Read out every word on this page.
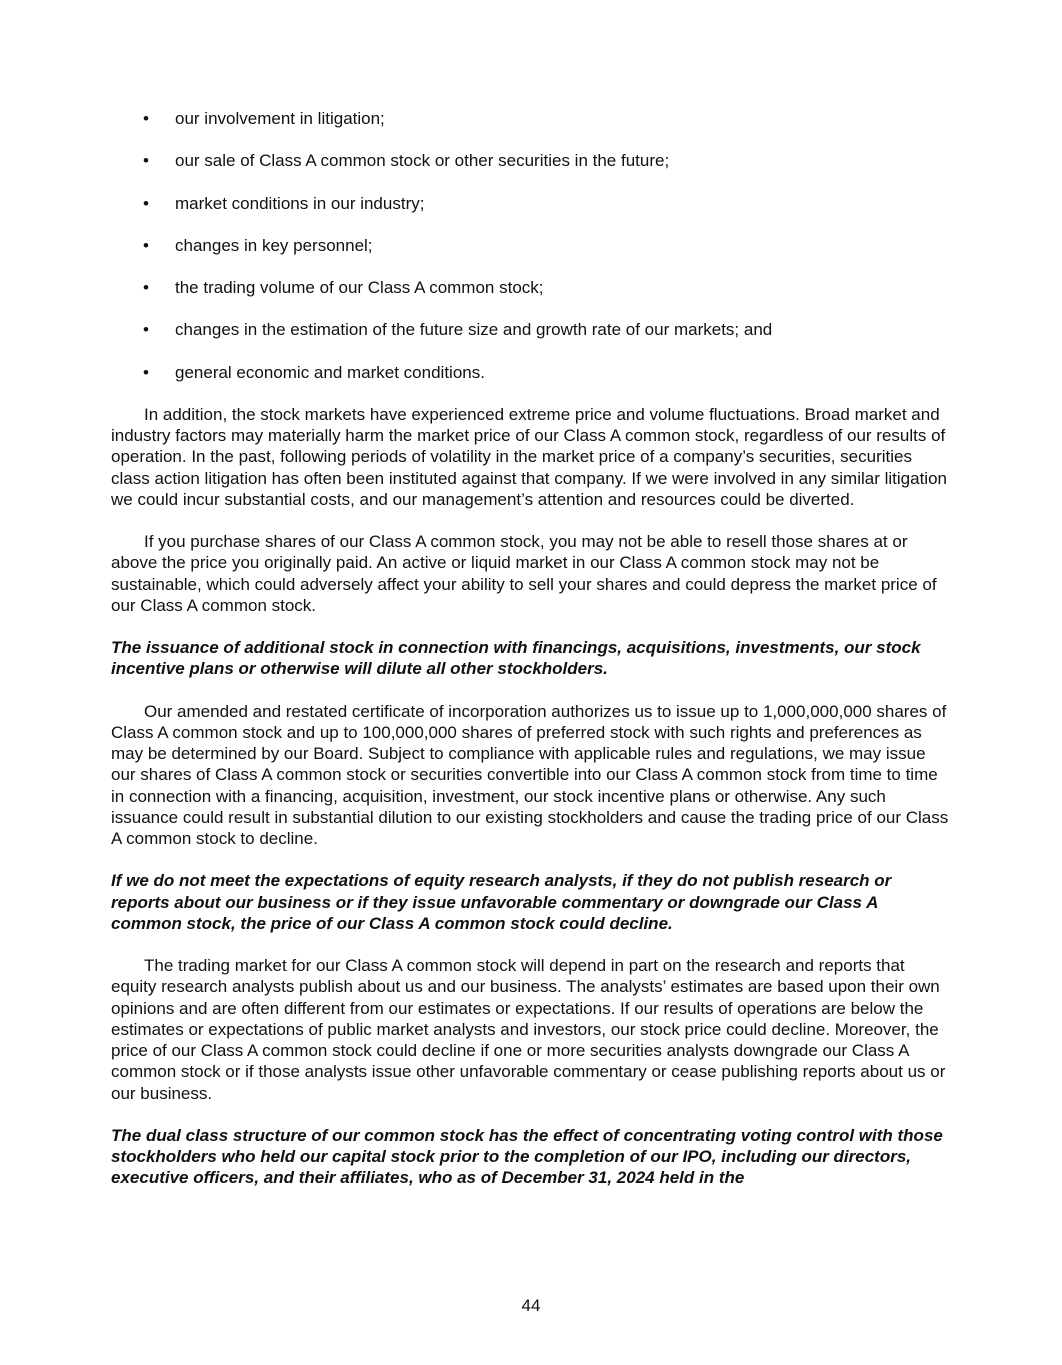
• our involvement in litigation;
• our sale of Class A common stock or other securities in the future;
• market conditions in our industry;
• changes in key personnel;
• the trading volume of our Class A common stock;
• changes in the estimation of the future size and growth rate of our markets; and
• general economic and market conditions.

In addition, the stock markets have experienced extreme price and volume fluctuations. Broad market and industry factors may materially harm the market price of our Class A common stock, regardless of our results of operation. In the past, following periods of volatility in the market price of a company’s securities, securities class action litigation has often been instituted against that company. If we were involved in any similar litigation we could incur substantial costs, and our management’s attention and resources could be diverted.

If you purchase shares of our Class A common stock, you may not be able to resell those shares at or above the price you originally paid. An active or liquid market in our Class A common stock may not be sustainable, which could adversely affect your ability to sell your shares and could depress the market price of our Class A common stock.

The issuance of additional stock in connection with financings, acquisitions, investments, our stock incentive plans or otherwise will dilute all other stockholders.

Our amended and restated certificate of incorporation authorizes us to issue up to 1,000,000,000 shares of Class A common stock and up to 100,000,000 shares of preferred stock with such rights and preferences as may be determined by our Board. Subject to compliance with applicable rules and regulations, we may issue our shares of Class A common stock or securities convertible into our Class A common stock from time to time in connection with a financing, acquisition, investment, our stock incentive plans or otherwise. Any such issuance could result in substantial dilution to our existing stockholders and cause the trading price of our Class A common stock to decline.

If we do not meet the expectations of equity research analysts, if they do not publish research or reports about our business or if they issue unfavorable commentary or downgrade our Class A common stock, the price of our Class A common stock could decline.

The trading market for our Class A common stock will depend in part on the research and reports that equity research analysts publish about us and our business. The analysts’ estimates are based upon their own opinions and are often different from our estimates or expectations. If our results of operations are below the estimates or expectations of public market analysts and investors, our stock price could decline. Moreover, the price of our Class A common stock could decline if one or more securities analysts downgrade our Class A common stock or if those analysts issue other unfavorable commentary or cease publishing reports about us or our business.

The dual class structure of our common stock has the effect of concentrating voting control with those stockholders who held our capital stock prior to the completion of our IPO, including our directors, executive officers, and their affiliates, who as of December 31, 2024 held in the

44
